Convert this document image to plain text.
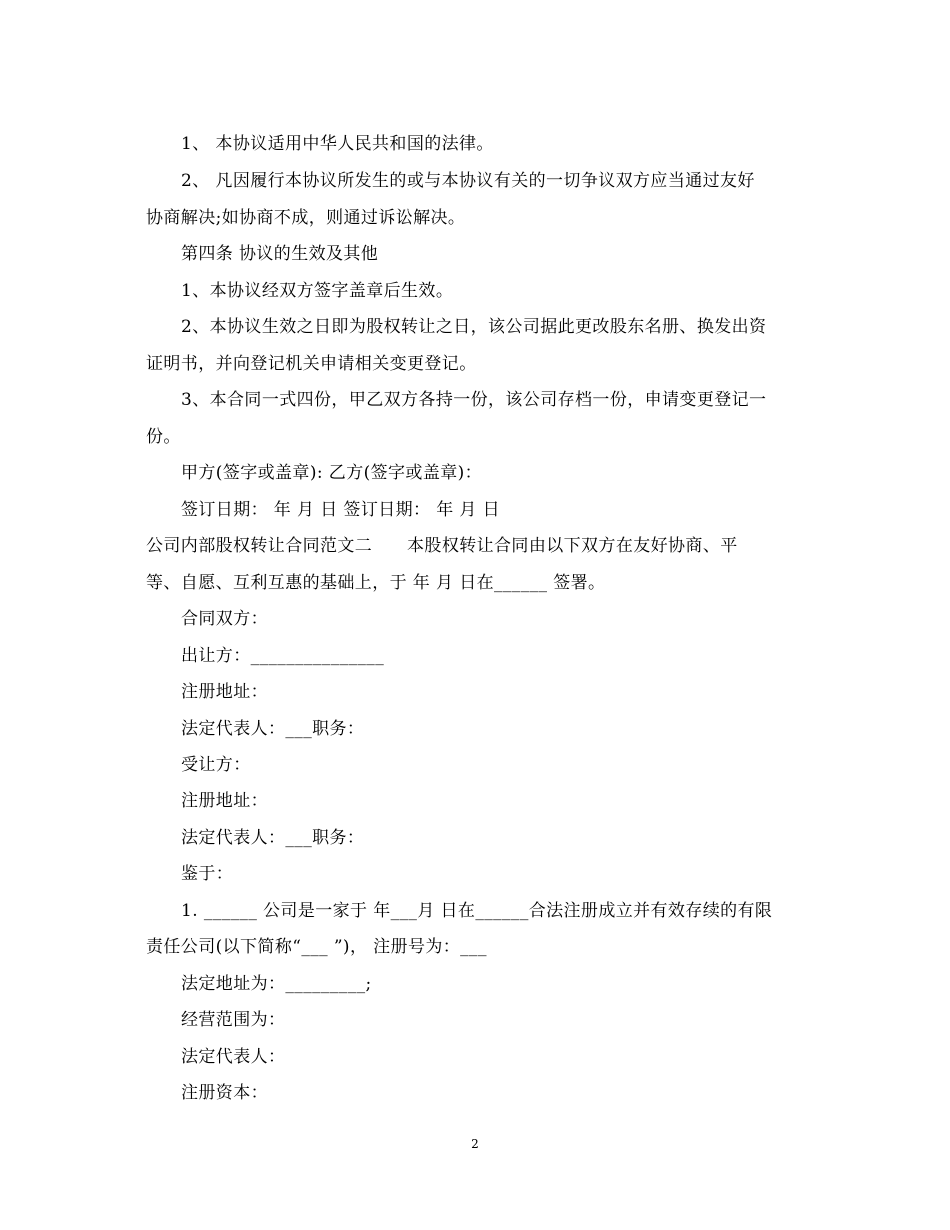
1、 本协议适用中华人民共和国的法律。
2、 凡因履行本协议所发生的或与本协议有关的一切争议双方应当通过友好
协商解决;如协商不成，则通过诉讼解决。
第四条 协议的生效及其他
1、本协议经双方签字盖章后生效。
2、本协议生效之日即为股权转让之日，该公司据此更改股东名册、换发出资
证明书，并向登记机关申请相关变更登记。
3、本合同一式四份，甲乙双方各持一份，该公司存档一份，申请变更登记一
份。
甲方(签字或盖章): 乙方(签字或盖章)：
签订日期： 年 月 日 签订日期： 年 月 日
公司内部股权转让合同范文二      本股权转让合同由以下双方在友好协商、平
等、自愿、互利互惠的基础上，于 年 月 日在______ 签署。
合同双方：
出让方：_______________
注册地址：
法定代表人：___职务：
受让方：
注册地址：
法定代表人：___职务：
鉴于：
1. ______ 公司是一家于 年___月 日在______合法注册成立并有效存续的有限
责任公司(以下简称“___ ”)， 注册号为：___
法定地址为：_________;
经营范围为：
法定代表人：
注册资本：
2
